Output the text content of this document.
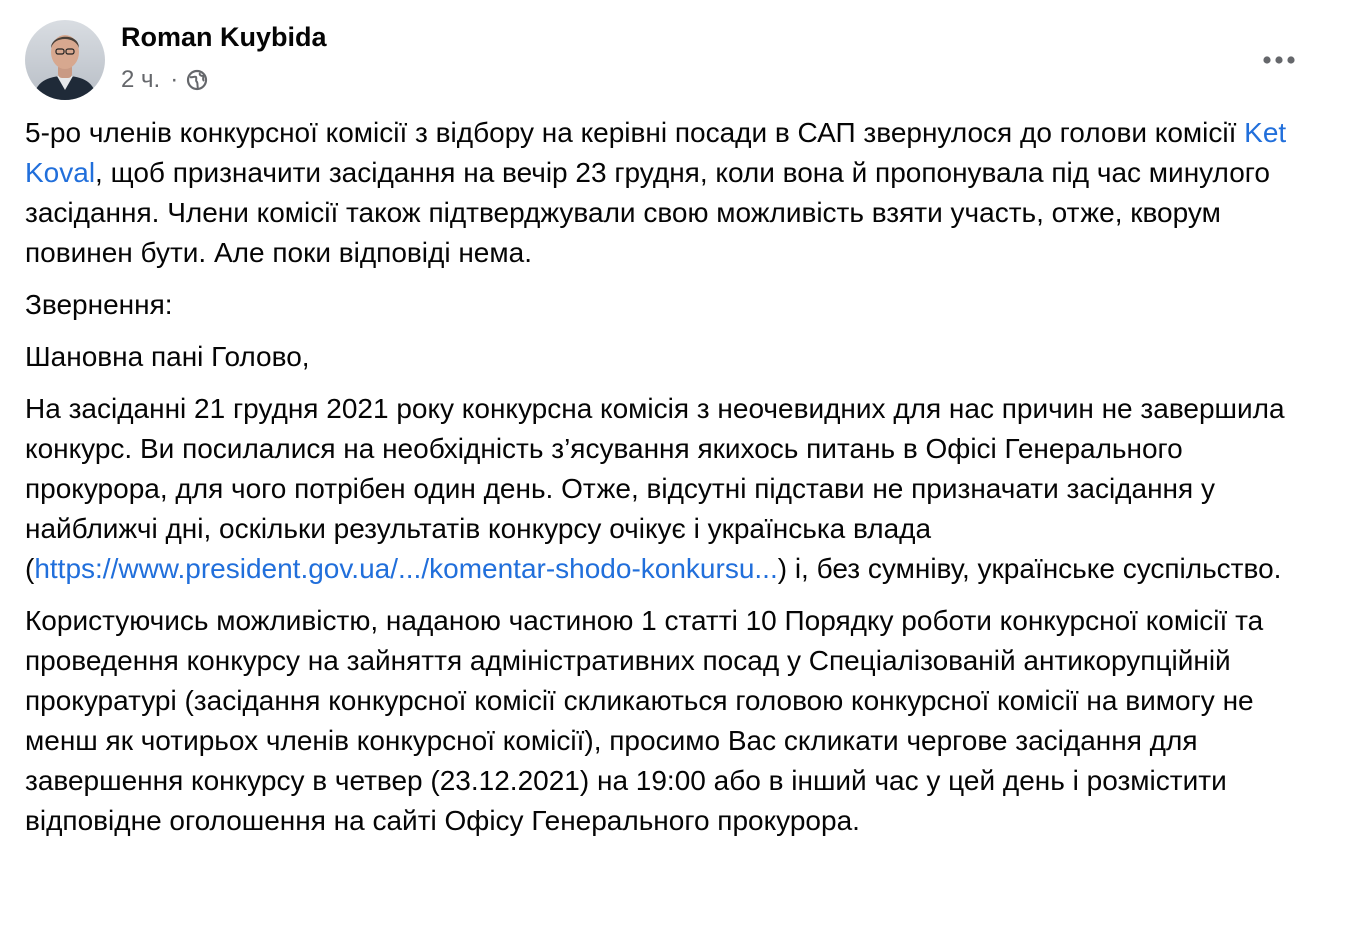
Roman Kuybida
2 ч. ·

5-ро членів конкурсної комісії з відбору на керівні посади в САП звернулося до голови комісії Ket Koval, щоб призначити засідання на вечір 23 грудня, коли вона й пропонувала під час минулого засідання. Члени комісії також підтверджували свою можливість взяти участь, отже, кворум повинен бути. Але поки відповіді нема.

Звернення:

Шановна пані Голово,

На засіданні 21 грудня 2021 року конкурсна комісія з неочевидних для нас причин не завершила конкурс. Ви посилалися на необхідність з’ясування якихось питань в Офісі Генерального прокурора, для чого потрібен один день. Отже, відсутні підстави не призначати засідання у найближчі дні, оскільки результатів конкурсу очікує і українська влада (https://www.president.gov.ua/.../komentar-shodo-konkursu...) і, без сумніву, українське суспільство.

Користуючись можливістю, наданою частиною 1 статті 10 Порядку роботи конкурсної комісії та проведення конкурсу на зайняття адміністративних посад у Спеціалізованій антикорупційній прокуратурі (засідання конкурсної комісії скликаються головою конкурсної комісії на вимогу не менш як чотирьох членів конкурсної комісії), просимо Вас скликати чергове засідання для завершення конкурсу в четвер (23.12.2021) на 19:00 або в інший час у цей день і розмістити відповідне оголошення на сайті Офісу Генерального прокурора.
